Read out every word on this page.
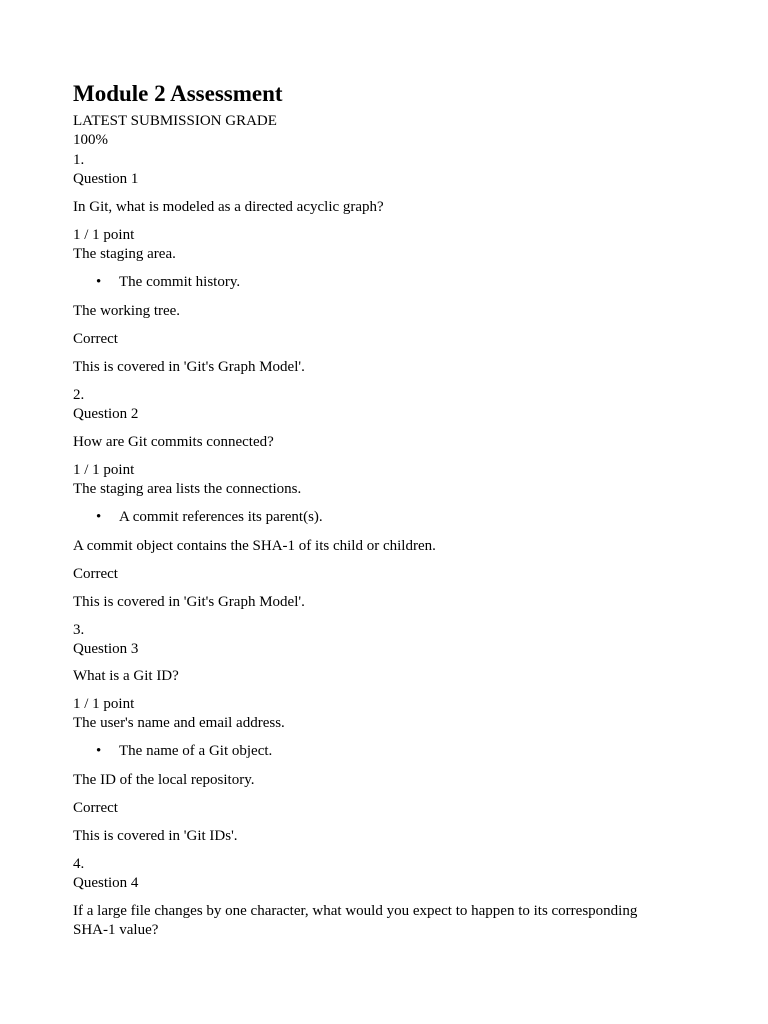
Module 2 Assessment
LATEST SUBMISSION GRADE
100%
1.
Question 1
In Git, what is modeled as a directed acyclic graph?
1 / 1 point
The staging area.
• The commit history.
The working tree.
Correct
This is covered in 'Git's Graph Model'.
2.
Question 2
How are Git commits connected?
1 / 1 point
The staging area lists the connections.
• A commit references its parent(s).
A commit object contains the SHA-1 of its child or children.
Correct
This is covered in 'Git's Graph Model'.
3.
Question 3
What is a Git ID?
1 / 1 point
The user's name and email address.
• The name of a Git object.
The ID of the local repository.
Correct
This is covered in 'Git IDs'.
4.
Question 4
If a large file changes by one character, what would you expect to happen to its corresponding SHA-1 value?
